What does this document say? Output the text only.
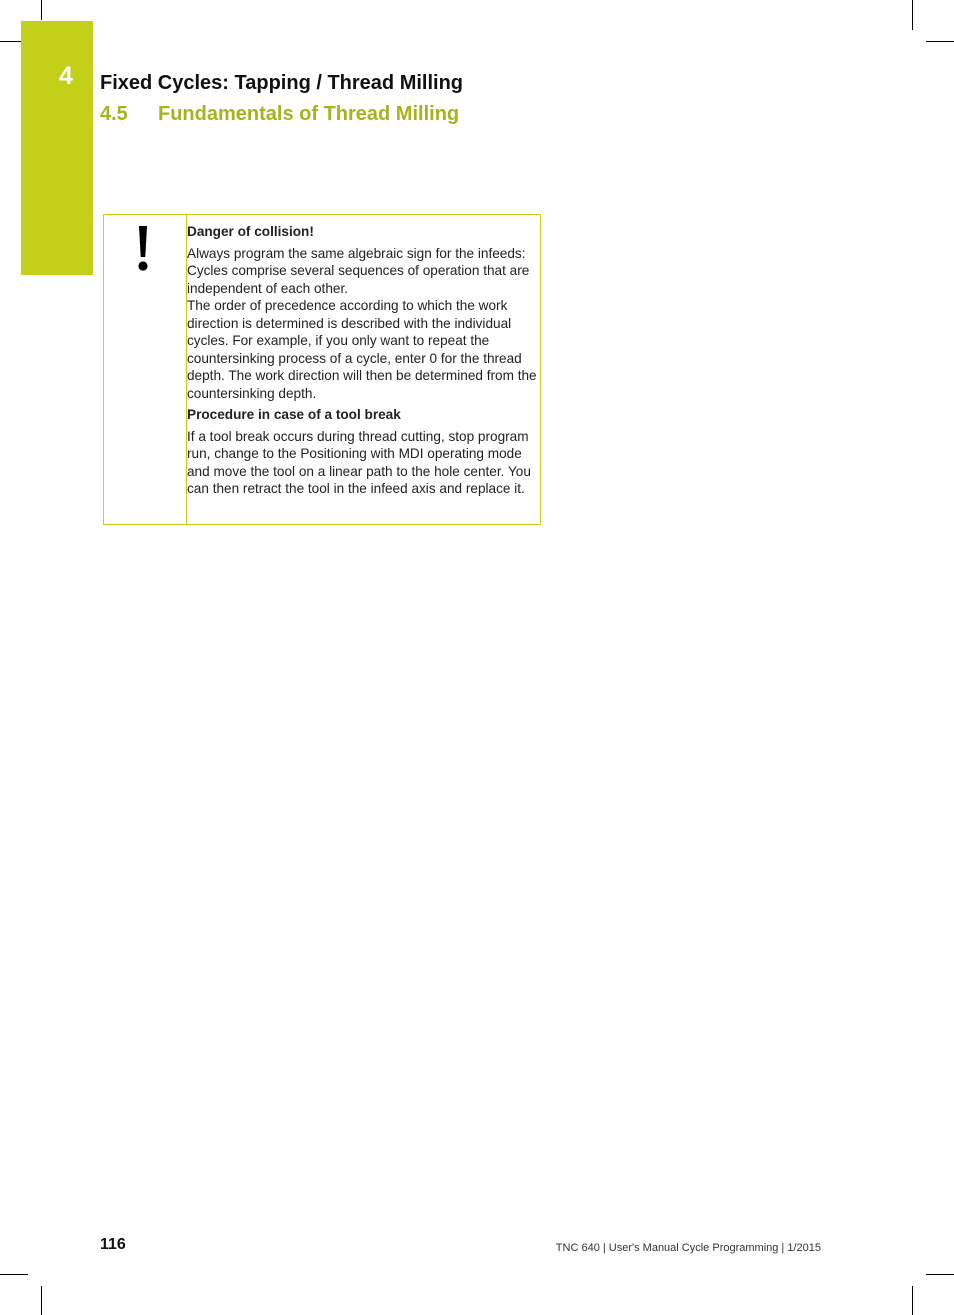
4 Fixed Cycles: Tapping / Thread Milling
4.5 Fundamentals of Thread Milling

Danger of collision!

Always program the same algebraic sign for the infeeds: Cycles comprise several sequences of operation that are independent of each other.

The order of precedence according to which the work direction is determined is described with the individual cycles. For example, if you only want to repeat the countersinking process of a cycle, enter 0 for the thread depth. The work direction will then be determined from the countersinking depth.

Procedure in case of a tool break

If a tool break occurs during thread cutting, stop program run, change to the Positioning with MDI operating mode and move the tool on a linear path to the hole center. You can then retract the tool in the infeed axis and replace it.

116	TNC 640 | User's Manual Cycle Programming | 1/2015
